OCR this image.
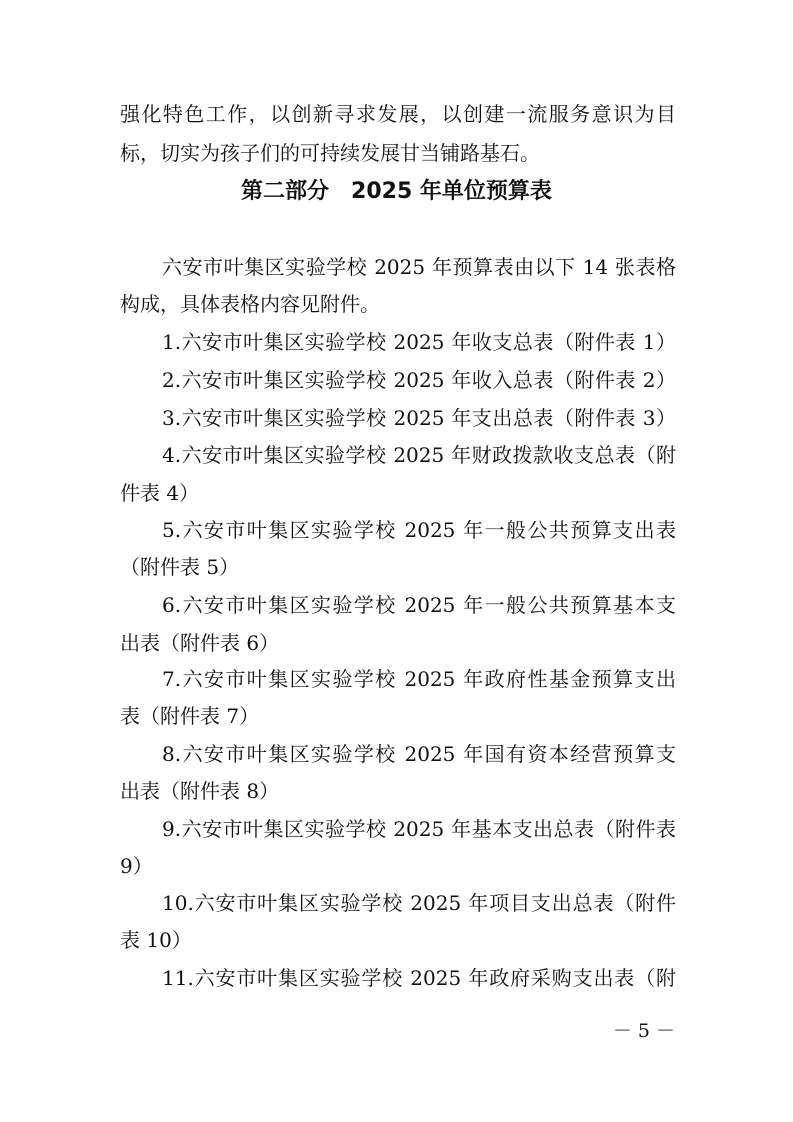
强化特色工作，以创新寻求发展，以创建一流服务意识为目
标，切实为孩子们的可持续发展甘当铺路基石。
第二部分　2025 年单位预算表
六安市叶集区实验学校 2025 年预算表由以下 14 张表格
构成，具体表格内容见附件。
1.六安市叶集区实验学校 2025 年收支总表（附件表 1）
2.六安市叶集区实验学校 2025 年收入总表（附件表 2）
3.六安市叶集区实验学校 2025 年支出总表（附件表 3）
4.六安市叶集区实验学校 2025 年财政拨款收支总表（附
件表 4）
5.六安市叶集区实验学校 2025 年一般公共预算支出表
（附件表 5）
6.六安市叶集区实验学校 2025 年一般公共预算基本支
出表（附件表 6）
7.六安市叶集区实验学校 2025 年政府性基金预算支出
表（附件表 7）
8.六安市叶集区实验学校 2025 年国有资本经营预算支
出表（附件表 8）
9.六安市叶集区实验学校 2025 年基本支出总表（附件表
9）
10.六安市叶集区实验学校 2025 年项目支出总表（附件
表 10）
11.六安市叶集区实验学校 2025 年政府采购支出表（附
－ 5 －
